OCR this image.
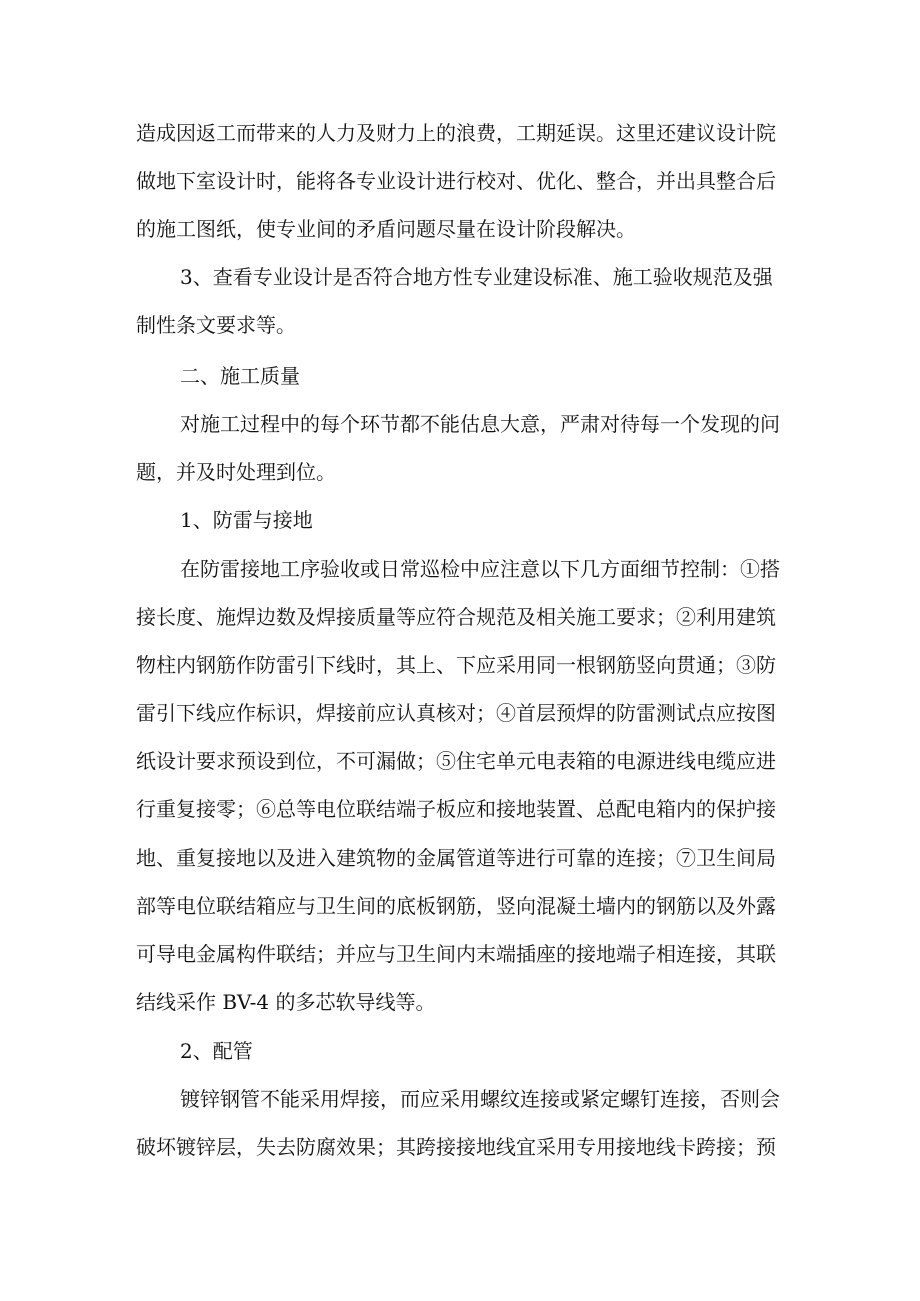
造成因返工而带来的人力及财力上的浪费，工期延误。这里还建议设计院
做地下室设计时，能将各专业设计进行校对、优化、整合，并出具整合后
的施工图纸，使专业间的矛盾问题尽量在设计阶段解决。
3、查看专业设计是否符合地方性专业建设标准、施工验收规范及强
制性条文要求等。
二、施工质量
对施工过程中的每个环节都不能估息大意，严肃对待每一个发现的问
题，并及时处理到位。
1、防雷与接地
在防雷接地工序验收或日常巡检中应注意以下几方面细节控制：①搭
接长度、施焊边数及焊接质量等应符合规范及相关施工要求；②利用建筑
物柱内钢筋作防雷引下线时，其上、下应采用同一根钢筋竖向贯通；③防
雷引下线应作标识，焊接前应认真核对；④首层预焊的防雷测试点应按图
纸设计要求预设到位，不可漏做；⑤住宅单元电表箱的电源进线电缆应进
行重复接零；⑥总等电位联结端子板应和接地装置、总配电箱内的保护接
地、重复接地以及进入建筑物的金属管道等进行可靠的连接；⑦卫生间局
部等电位联结箱应与卫生间的底板钢筋，竖向混凝土墙内的钢筋以及外露
可导电金属构件联结；并应与卫生间内末端插座的接地端子相连接，其联
结线采作 BV-4 的多芯软导线等。
2、配管
镀锌钢管不能采用焊接，而应采用螺纹连接或紧定螺钉连接，否则会
破坏镀锌层，失去防腐效果；其跨接接地线宜采用专用接地线卡跨接；预
